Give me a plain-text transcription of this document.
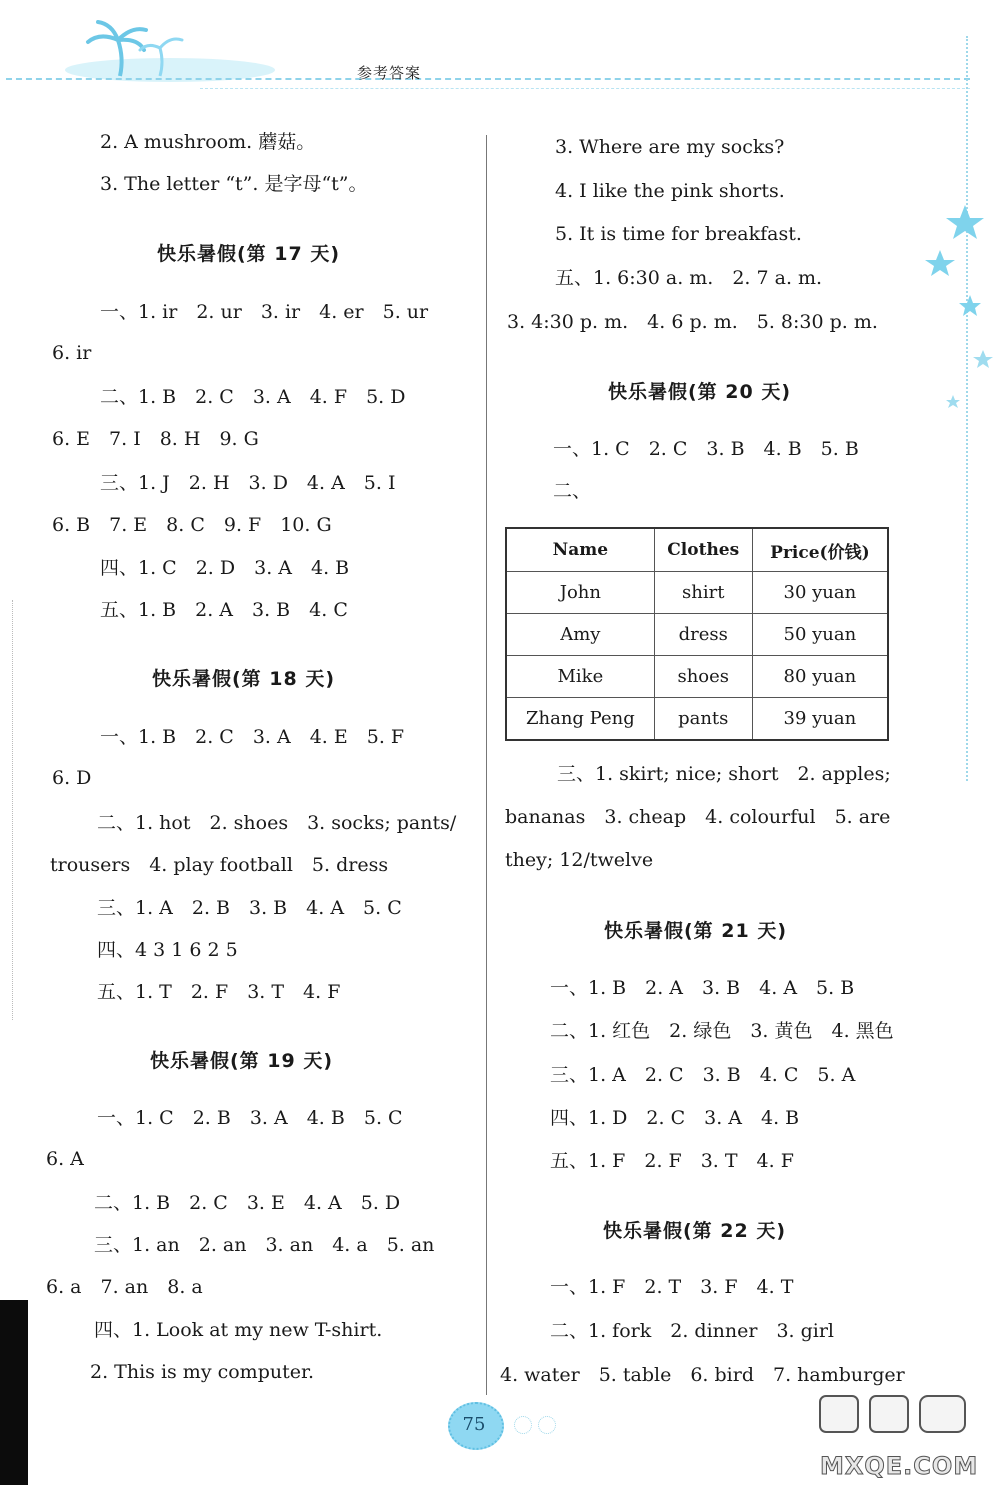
参考答案
2. A mushroom. 蘑菇。
3. The letter “t”. 是字母“t”。
快乐暑假(第 17 天)
一、1. ir　2. ur　3. ir　4. er　5. ur
6. ir
二、1. B　2. C　3. A　4. F　5. D
6. E　7. I　8. H　9. G
三、1. J　2. H　3. D　4. A　5. I
6. B　7. E　8. C　9. F　10. G
四、1. C　2. D　3. A　4. B
五、1. B　2. A　3. B　4. C
快乐暑假(第 18 天)
一、1. B　2. C　3. A　4. E　5. F
6. D
二、1. hot　2. shoes　3. socks; pants/
trousers　4. play football　5. dress
三、1. A　2. B　3. B　4. A　5. C
四、4 3 1 6 2 5
五、1. T　2. F　3. T　4. F
快乐暑假(第 19 天)
一、1. C　2. B　3. A　4. B　5. C
6. A
二、1. B　2. C　3. E　4. A　5. D
三、1. an　2. an　3. an　4. a　5. an
6. a　7. an　8. a
四、1. Look at my new T-shirt.
2. This is my computer.
3. Where are my socks?
4. I like the pink shorts.
5. It is time for breakfast.
五、1. 6:30 a. m.　2. 7 a. m.
3. 4:30 p. m.　4. 6 p. m.　5. 8:30 p. m.
快乐暑假(第 20 天)
一、1. C　2. C　3. B　4. B　5. B
二、
Name	Clothes	Price(价钱)
John	shirt	30 yuan
Amy	dress	50 yuan
Mike	shoes	80 yuan
Zhang Peng	pants	39 yuan
三、1. skirt; nice; short　2. apples;
bananas　3. cheap　4. colourful　5. are
they; 12/twelve
快乐暑假(第 21 天)
一、1. B　2. A　3. B　4. A　5. B
二、1. 红色　2. 绿色　3. 黄色　4. 黑色
三、1. A　2. C　3. B　4. C　5. A
四、1. D　2. C　3. A　4. B
五、1. F　2. F　3. T　4. F
快乐暑假(第 22 天)
一、1. F　2. T　3. F　4. T
二、1. fork　2. dinner　3. girl
4. water　5. table　6. bird　7. hamburger
75
MXQE.COM
